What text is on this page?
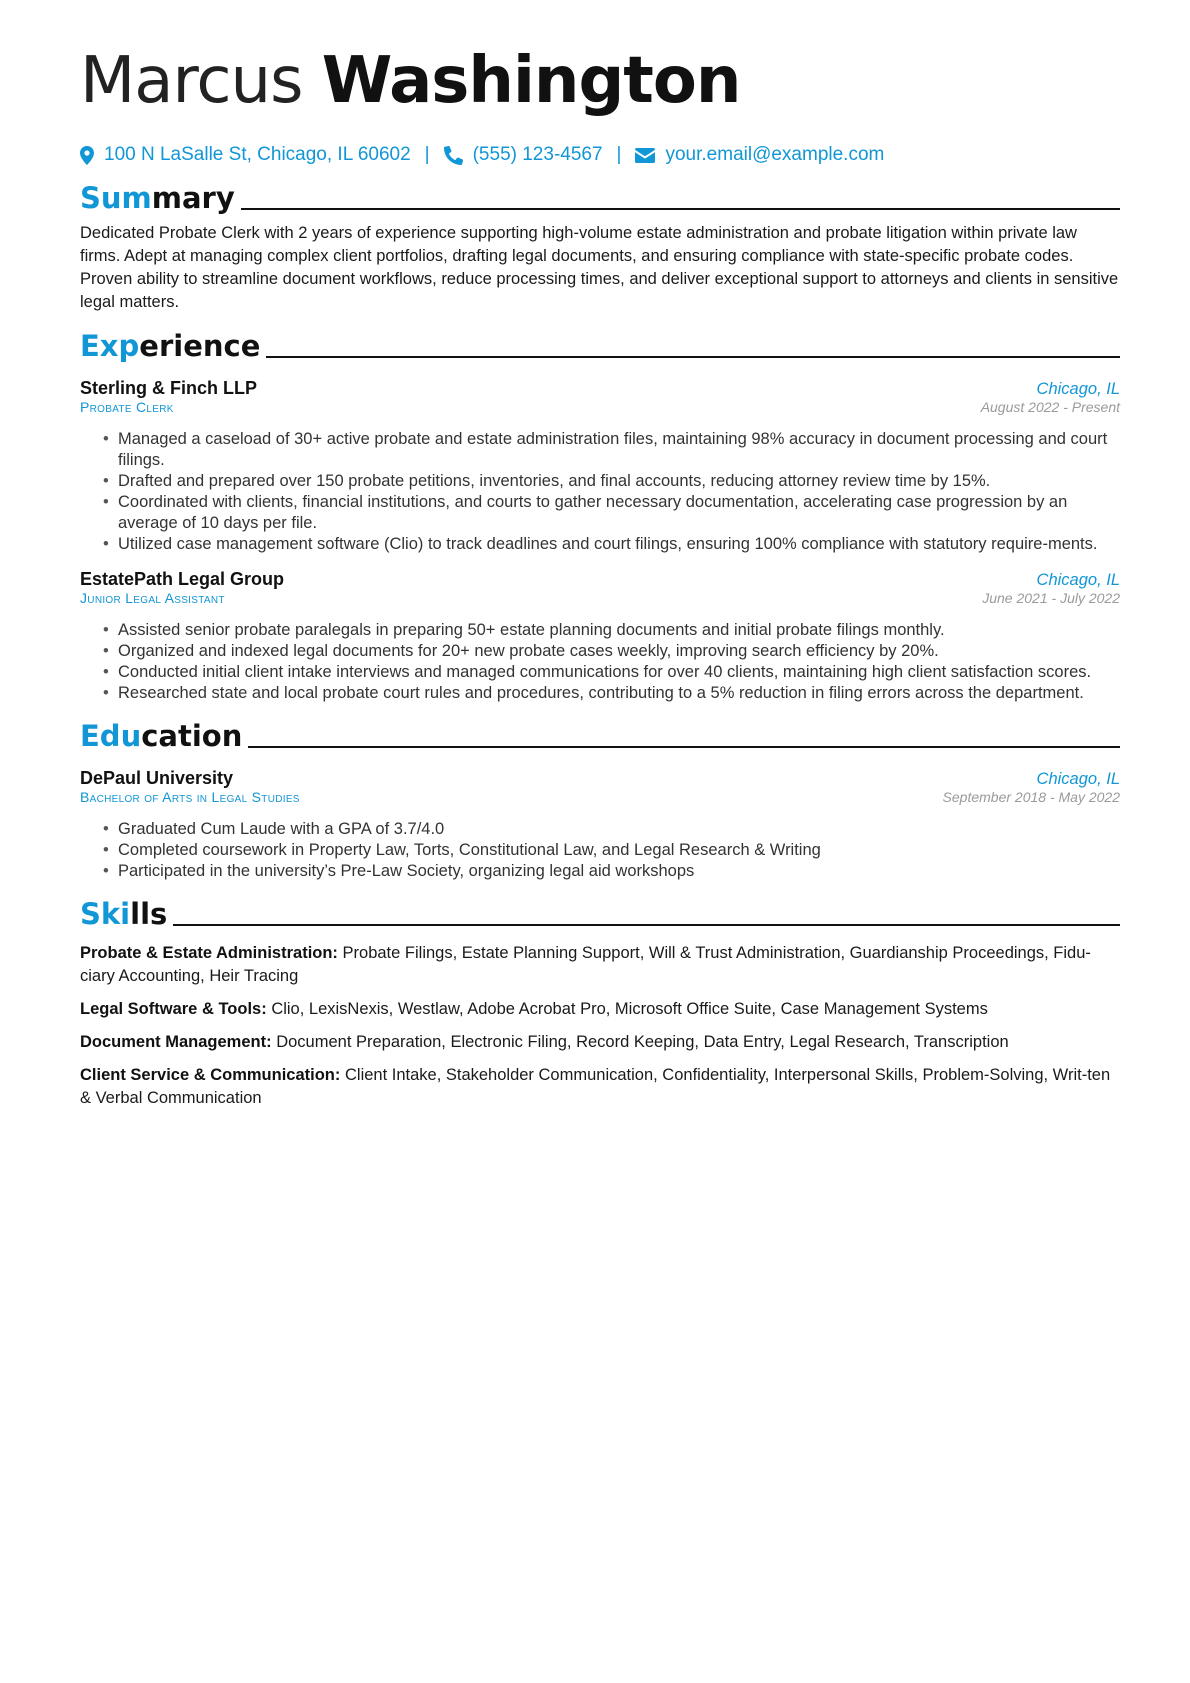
Marcus Washington
100 N LaSalle St, Chicago, IL 60602 | (555) 123-4567 | your.email@example.com
Summary
Dedicated Probate Clerk with 2 years of experience supporting high-volume estate administration and probate litigation within private law firms. Adept at managing complex client portfolios, drafting legal documents, and ensuring compliance with state-specific probate codes. Proven ability to streamline document workflows, reduce processing times, and deliver exceptional support to attorneys and clients in sensitive legal matters.
Experience
Sterling & Finch LLP	Chicago, IL
Probate Clerk	August 2022 - Present
• Managed a caseload of 30+ active probate and estate administration files, maintaining 98% accuracy in document processing and court filings.
• Drafted and prepared over 150 probate petitions, inventories, and final accounts, reducing attorney review time by 15%.
• Coordinated with clients, financial institutions, and courts to gather necessary documentation, accelerating case progression by an average of 10 days per file.
• Utilized case management software (Clio) to track deadlines and court filings, ensuring 100% compliance with statutory require-ments.
EstatePath Legal Group	Chicago, IL
Junior Legal Assistant	June 2021 - July 2022
• Assisted senior probate paralegals in preparing 50+ estate planning documents and initial probate filings monthly.
• Organized and indexed legal documents for 20+ new probate cases weekly, improving search efficiency by 20%.
• Conducted initial client intake interviews and managed communications for over 40 clients, maintaining high client satisfaction scores.
• Researched state and local probate court rules and procedures, contributing to a 5% reduction in filing errors across the department.
Education
DePaul University	Chicago, IL
Bachelor of Arts in Legal Studies	September 2018 - May 2022
• Graduated Cum Laude with a GPA of 3.7/4.0
• Completed coursework in Property Law, Torts, Constitutional Law, and Legal Research & Writing
• Participated in the university’s Pre-Law Society, organizing legal aid workshops
Skills
Probate & Estate Administration: Probate Filings, Estate Planning Support, Will & Trust Administration, Guardianship Proceedings, Fidu-ciary Accounting, Heir Tracing
Legal Software & Tools: Clio, LexisNexis, Westlaw, Adobe Acrobat Pro, Microsoft Office Suite, Case Management Systems
Document Management: Document Preparation, Electronic Filing, Record Keeping, Data Entry, Legal Research, Transcription
Client Service & Communication: Client Intake, Stakeholder Communication, Confidentiality, Interpersonal Skills, Problem-Solving, Writ-ten & Verbal Communication
